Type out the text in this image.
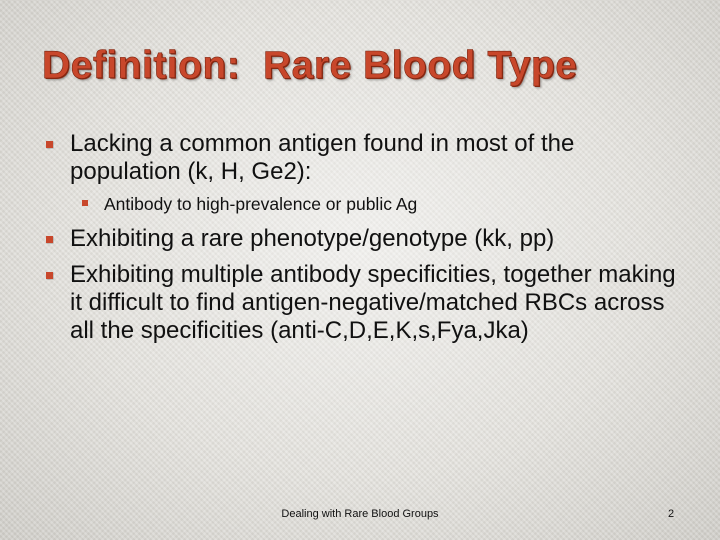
Definition:  Rare Blood Type
Lacking a common antigen found in most of the population (k, H, Ge2):
Antibody to high-prevalence or public Ag
Exhibiting a rare phenotype/genotype (kk, pp)
Exhibiting multiple antibody specificities, together making it difficult to find antigen-negative/matched RBCs across all the specificities (anti-C,D,E,K,s,Fya,Jka)
Dealing with Rare Blood Groups	2
